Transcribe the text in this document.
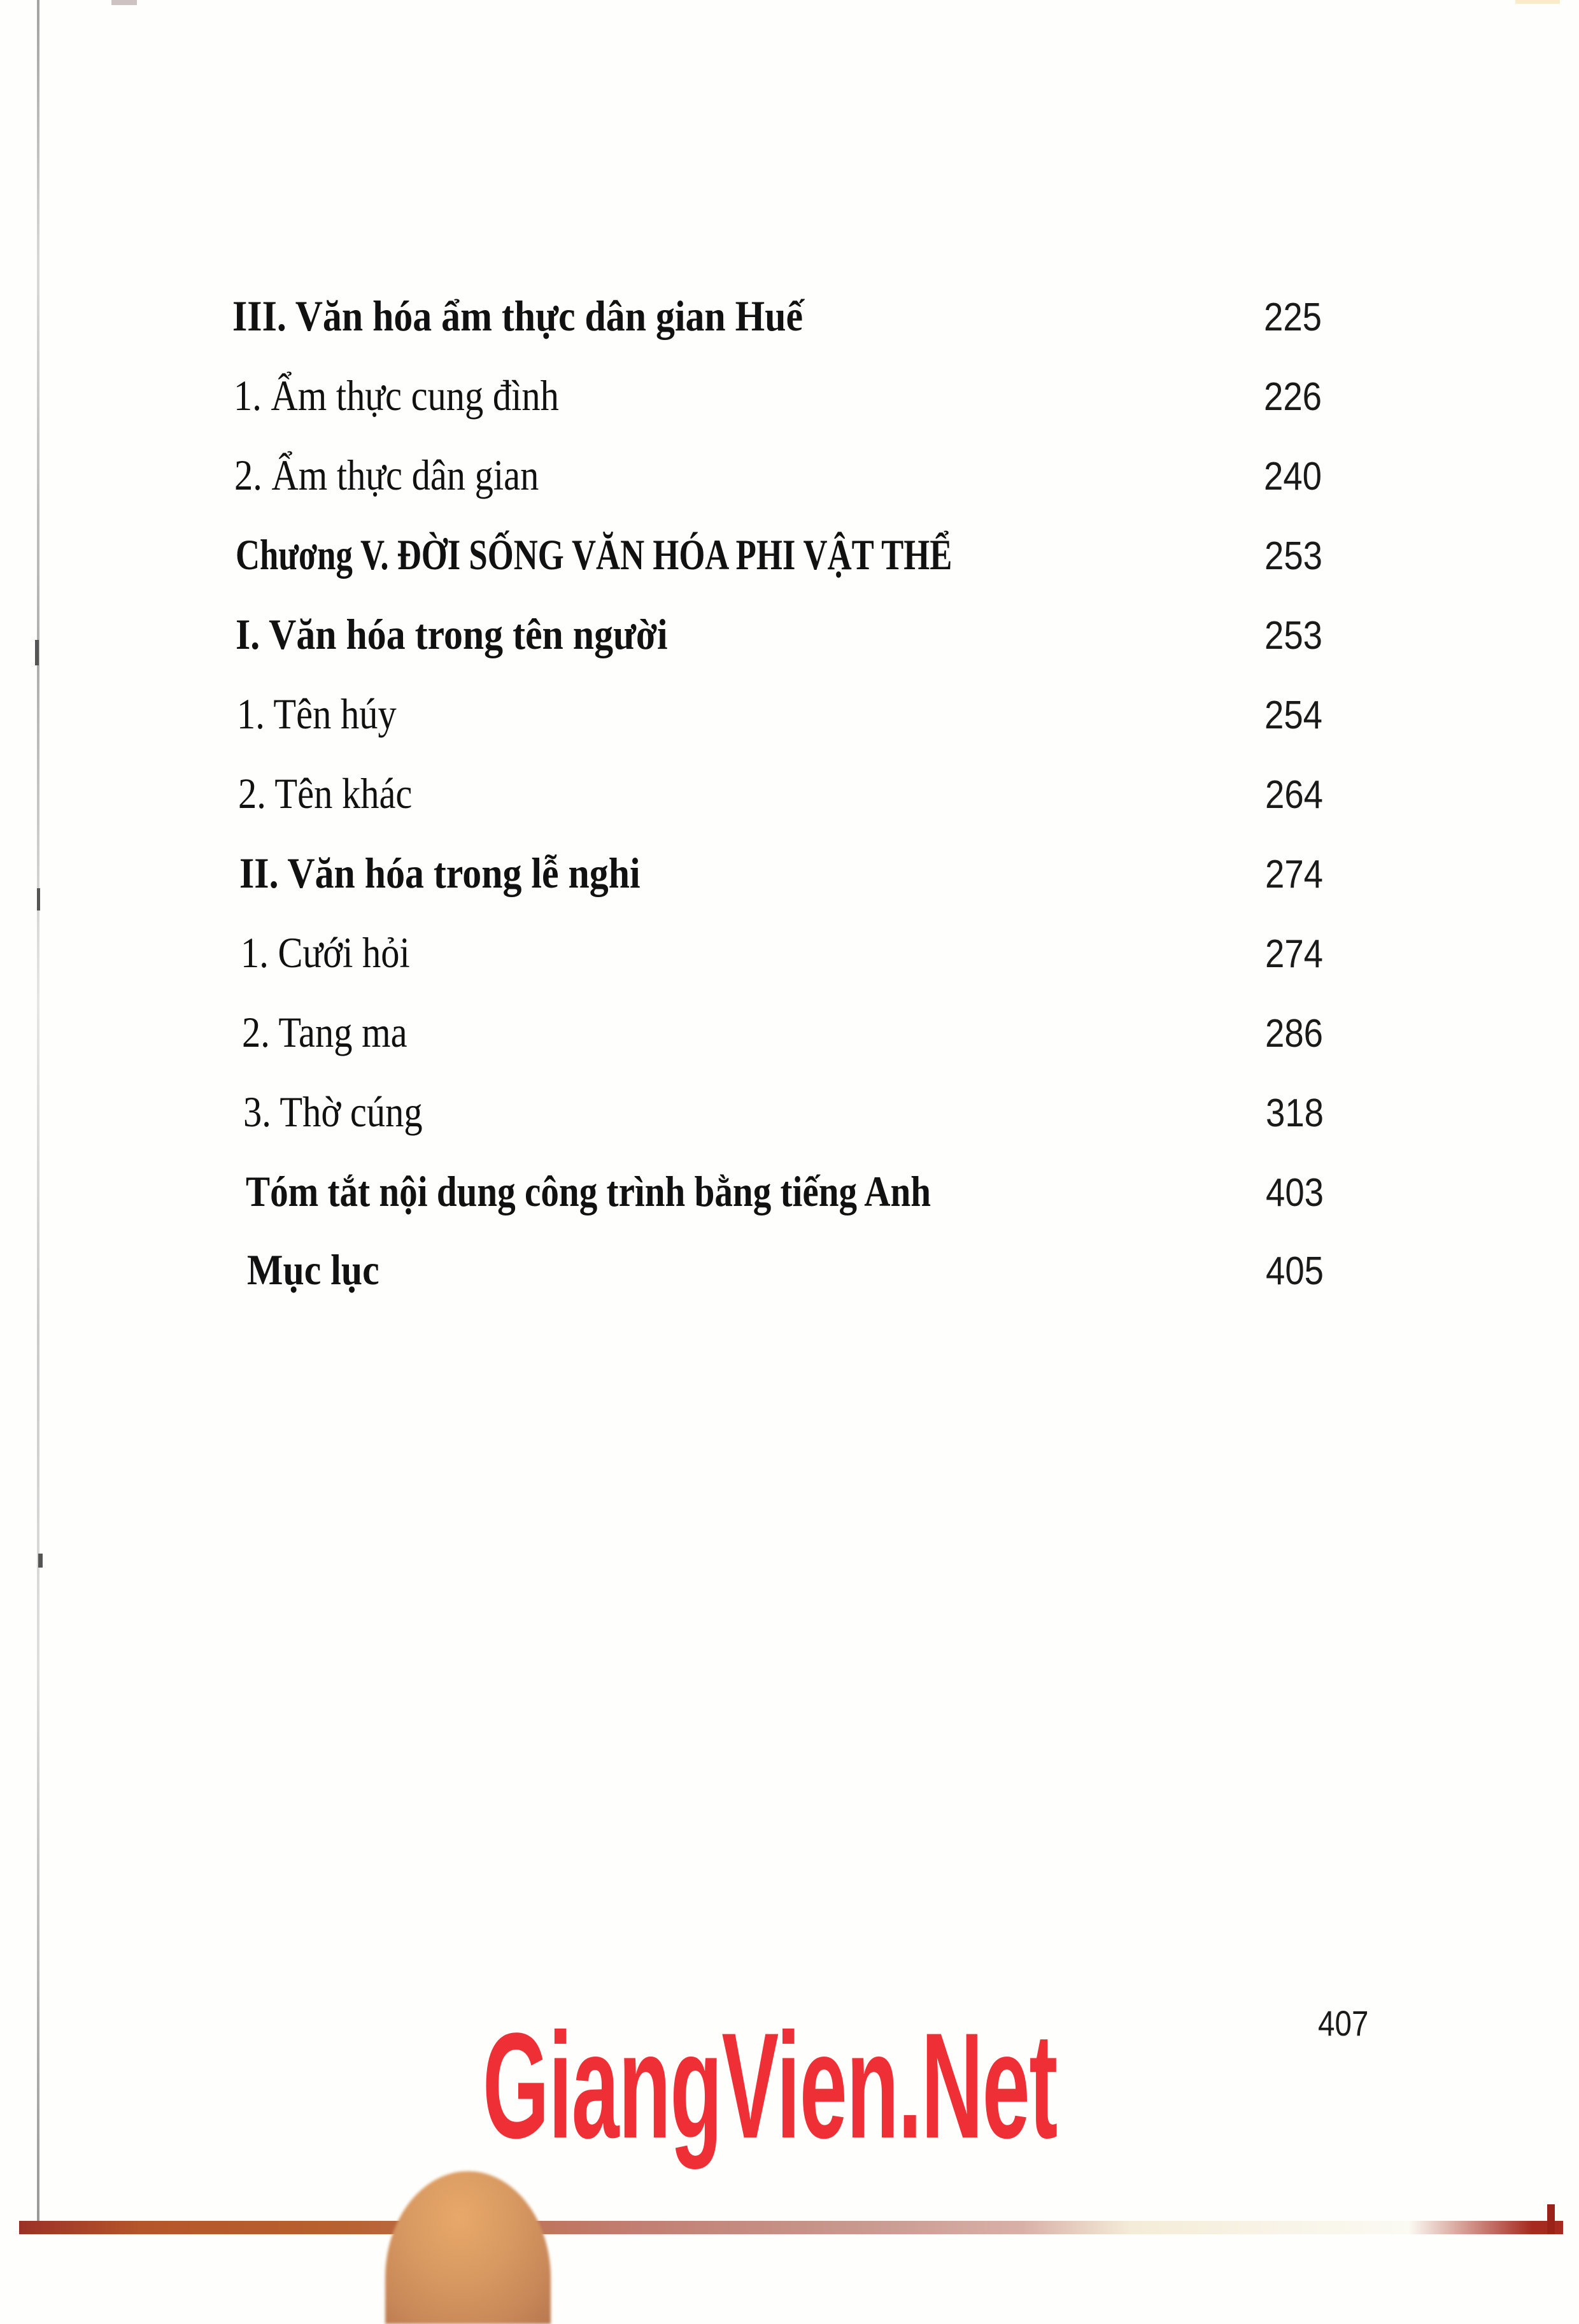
III. Văn hóa ẩm thực dân gian Huế	225
1. Ẩm thực cung đình	226
2. Ẩm thực dân gian	240
Chương V. ĐỜI SỐNG VĂN HÓA PHI VẬT THỂ	253
I. Văn hóa trong tên người	253
1. Tên húy	254
2. Tên khác	264
II. Văn hóa trong lễ nghi	274
1. Cưới hỏi	274
2. Tang ma	286
3. Thờ cúng	318
Tóm tắt nội dung công trình bằng tiếng Anh	403
Mục lục	405
407
GiangVien.Net
